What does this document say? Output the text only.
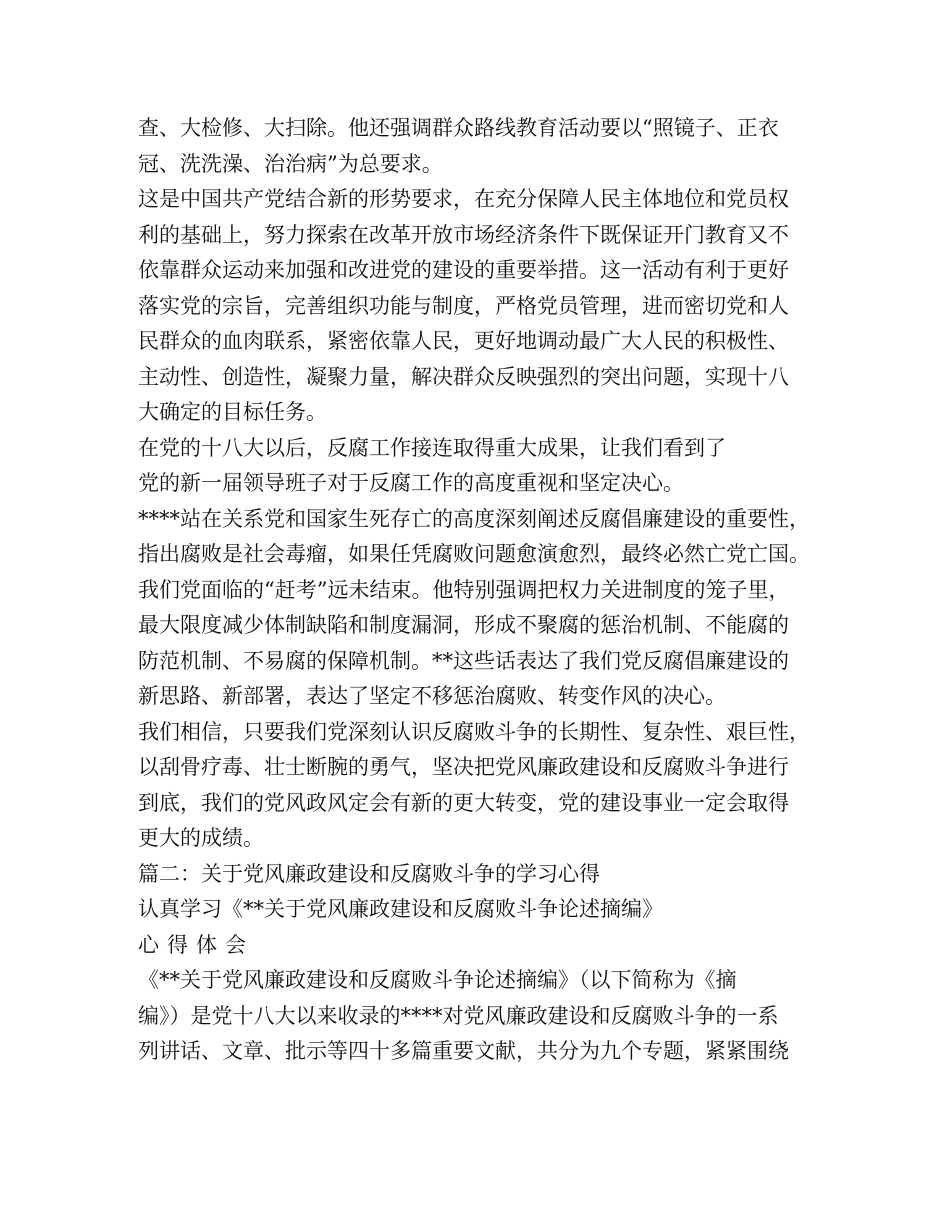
查、大检修、大扫除。他还强调群众路线教育活动要以“照镜子、正衣
冠、洗洗澡、治治病”为总要求。
这是中国共产党结合新的形势要求，在充分保障人民主体地位和党员权
利的基础上，努力探索在改革开放市场经济条件下既保证开门教育又不
依靠群众运动来加强和改进党的建设的重要举措。这一活动有利于更好
落实党的宗旨，完善组织功能与制度，严格党员管理，进而密切党和人
民群众的血肉联系，紧密依靠人民，更好地调动最广大人民的积极性、
主动性、创造性，凝聚力量，解决群众反映强烈的突出问题，实现十八
大确定的目标任务。
在党的十八大以后，反腐工作接连取得重大成果，让我们看到了
党的新一届领导班子对于反腐工作的高度重视和坚定决心。
****站在关系党和国家生死存亡的高度深刻阐述反腐倡廉建设的重要性，
指出腐败是社会毒瘤，如果任凭腐败问题愈演愈烈，最终必然亡党亡国。
我们党面临的“赶考”远未结束。他特别强调把权力关进制度的笼子里，
最大限度减少体制缺陷和制度漏洞，形成不聚腐的惩治机制、不能腐的
防范机制、不易腐的保障机制。**这些话表达了我们党反腐倡廉建设的
新思路、新部署，表达了坚定不移惩治腐败、转变作风的决心。
我们相信，只要我们党深刻认识反腐败斗争的长期性、复杂性、艰巨性，
以刮骨疗毒、壮士断腕的勇气，坚决把党风廉政建设和反腐败斗争进行
到底，我们的党风政风定会有新的更大转变，党的建设事业一定会取得
更大的成绩。
篇二：关于党风廉政建设和反腐败斗争的学习心得
认真学习《**关于党风廉政建设和反腐败斗争论述摘编》
心得体会
《**关于党风廉政建设和反腐败斗争论述摘编》（以下简称为《摘
编》）是党十八大以来收录的****对党风廉政建设和反腐败斗争的一系
列讲话、文章、批示等四十多篇重要文献，共分为九个专题，紧紧围绕
